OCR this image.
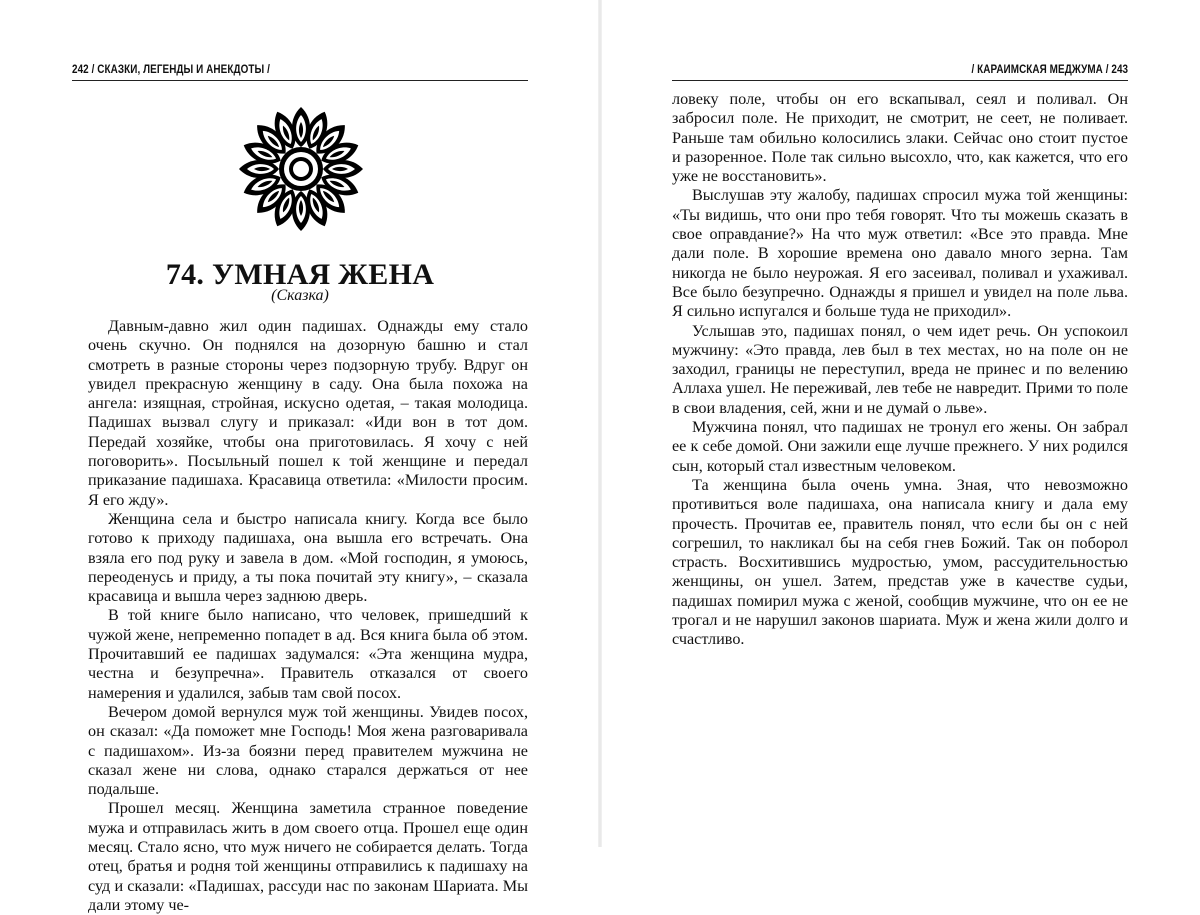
242 / СКАЗКИ, ЛЕГЕНДЫ И АНЕКДОТЫ /
74. УМНАЯ ЖЕНА
(Сказка)

Давным-давно жил один падишах. Однажды ему стало очень скучно. Он поднялся на дозорную башню и стал смотреть в разные стороны через подзорную трубу. Вдруг он увидел прекрасную женщину в саду. Она была похожа на ангела: изящная, стройная, искусно одетая, – такая молодица. Падишах вызвал слугу и приказал: «Иди вон в тот дом. Передай хозяйке, чтобы она приготовилась. Я хочу с ней поговорить». Посыльный пошел к той женщине и передал приказание падишаха. Красавица ответила: «Милости просим. Я его жду».

Женщина села и быстро написала книгу. Когда все было готово к приходу падишаха, она вышла его встречать. Она взяла его под руку и завела в дом. «Мой господин, я умоюсь, переоденусь и приду, а ты пока почитай эту книгу», – сказала красавица и вышла через заднюю дверь.

В той книге было написано, что человек, пришедший к чужой жене, непременно попадет в ад. Вся книга была об этом. Прочитавший ее падишах задумался: «Эта женщина мудра, честна и безупречна». Правитель отказался от своего намерения и удалился, забыв там свой посох.

Вечером домой вернулся муж той женщины. Увидев посох, он сказал: «Да поможет мне Господь! Моя жена разговаривала с падишахом». Из-за боязни перед правителем мужчина не сказал жене ни слова, однако старался держаться от нее подальше.

Прошел месяц. Женщина заметила странное поведение мужа и отправилась жить в дом своего отца. Прошел еще один месяц. Стало ясно, что муж ничего не собирается делать. Тогда отец, братья и родня той женщины отправились к падишаху на суд и сказали: «Падишах, рассуди нас по законам Шариата. Мы дали этому че-

/ КАРАИМСКАЯ МЕДЖУМА / 243

ловеку поле, чтобы он его вскапывал, сеял и поливал. Он забросил поле. Не приходит, не смотрит, не сеет, не поливает. Раньше там обильно колосились злаки. Сейчас оно стоит пустое и разоренное. Поле так сильно высохло, что, как кажется, что его уже не восстановить».

Выслушав эту жалобу, падишах спросил мужа той женщины: «Ты видишь, что они про тебя говорят. Что ты можешь сказать в свое оправдание?» На что муж ответил: «Все это правда. Мне дали поле. В хорошие времена оно давало много зерна. Там никогда не было неурожая. Я его засеивал, поливал и ухаживал. Все было безупречно. Однажды я пришел и увидел на поле льва. Я сильно испугался и больше туда не приходил».

Услышав это, падишах понял, о чем идет речь. Он успокоил мужчину: «Это правда, лев был в тех местах, но на поле он не заходил, границы не переступил, вреда не принес и по велению Аллаха ушел. Не переживай, лев тебе не навредит. Прими то поле в свои владения, сей, жни и не думай о льве».

Мужчина понял, что падишах не тронул его жены. Он забрал ее к себе домой. Они зажили еще лучше прежнего. У них родился сын, который стал известным человеком.

Та женщина была очень умна. Зная, что невозможно противиться воле падишаха, она написала книгу и дала ему прочесть. Прочитав ее, правитель понял, что если бы он с ней согрешил, то накликал бы на себя гнев Божий. Так он поборол страсть. Восхитившись мудростью, умом, рассудительностью женщины, он ушел. Затем, представ уже в качестве судьи, падишах помирил мужа с женой, сообщив мужчине, что он ее не трогал и не нарушил законов шариата. Муж и жена жили долго и счастливо.
